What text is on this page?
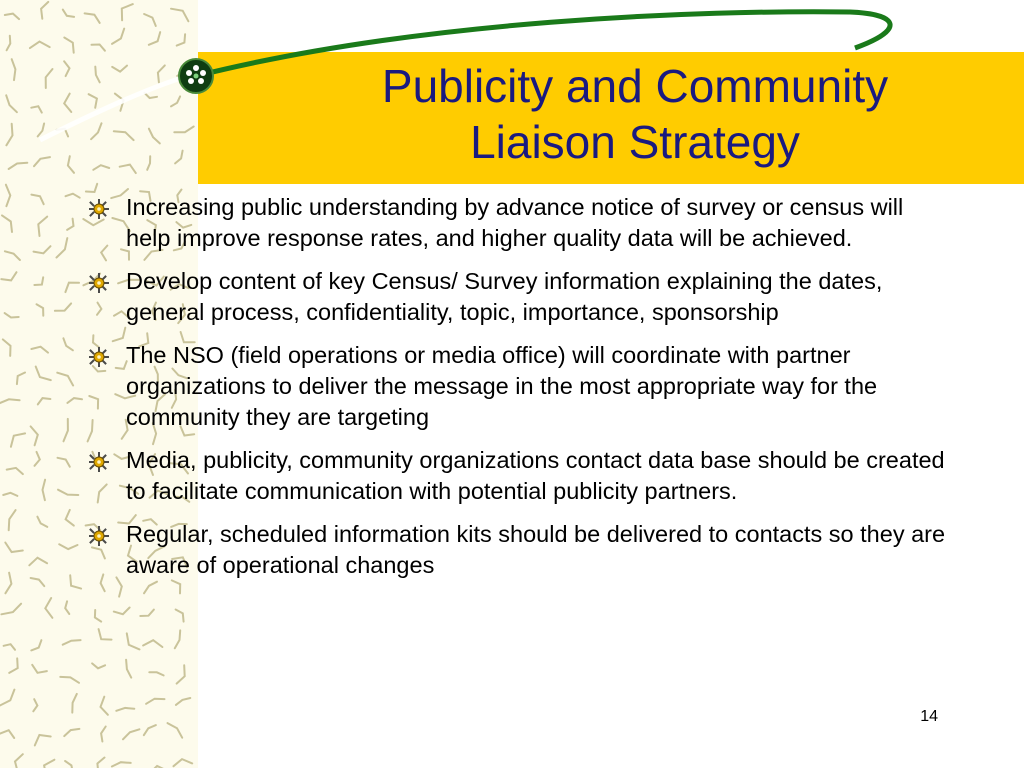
Publicity and Community Liaison Strategy
Increasing public understanding by advance notice of survey or census will help improve response rates, and higher quality data will be achieved.
Develop content of key Census/ Survey information explaining the dates, general process, confidentiality, topic, importance, sponsorship
The NSO (field operations or media office) will coordinate with partner organizations to deliver the message in the most appropriate way for the community they are targeting
Media, publicity, community organizations contact data base should be created to facilitate communication with potential publicity partners.
Regular, scheduled information kits should be delivered to contacts so they are aware of operational changes
14
